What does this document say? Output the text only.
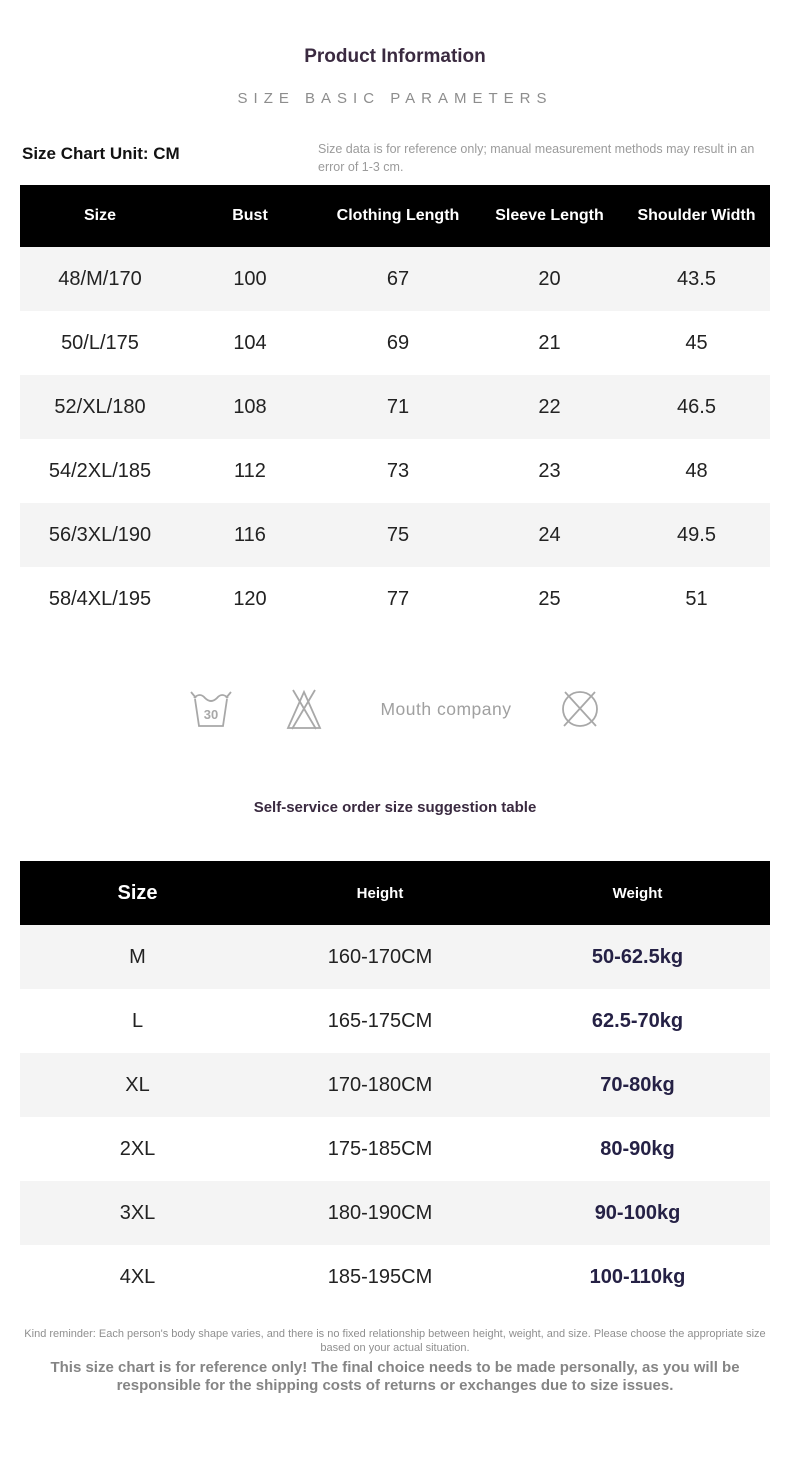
Product Information
SIZE BASIC PARAMETERS
Size Chart Unit: CM	Size data is for reference only; manual measurement methods may result in an error of 1-3 cm.
Size	Bust	Clothing Length	Sleeve Length	Shoulder Width
48/M/170	100	67	20	43.5
50/L/175	104	69	21	45
52/XL/180	108	71	22	46.5
54/2XL/185	112	73	23	48
56/3XL/190	116	75	24	49.5
58/4XL/195	120	77	25	51
30	Mouth company
Self-service order size suggestion table
Size	Height	Weight
M	160-170CM	50-62.5kg
L	165-175CM	62.5-70kg
XL	170-180CM	70-80kg
2XL	175-185CM	80-90kg
3XL	180-190CM	90-100kg
4XL	185-195CM	100-110kg
Kind reminder: Each person's body shape varies, and there is no fixed relationship between height, weight, and size. Please choose the appropriate size based on your actual situation.
This size chart is for reference only! The final choice needs to be made personally, as you will be responsible for the shipping costs of returns or exchanges due to size issues.
